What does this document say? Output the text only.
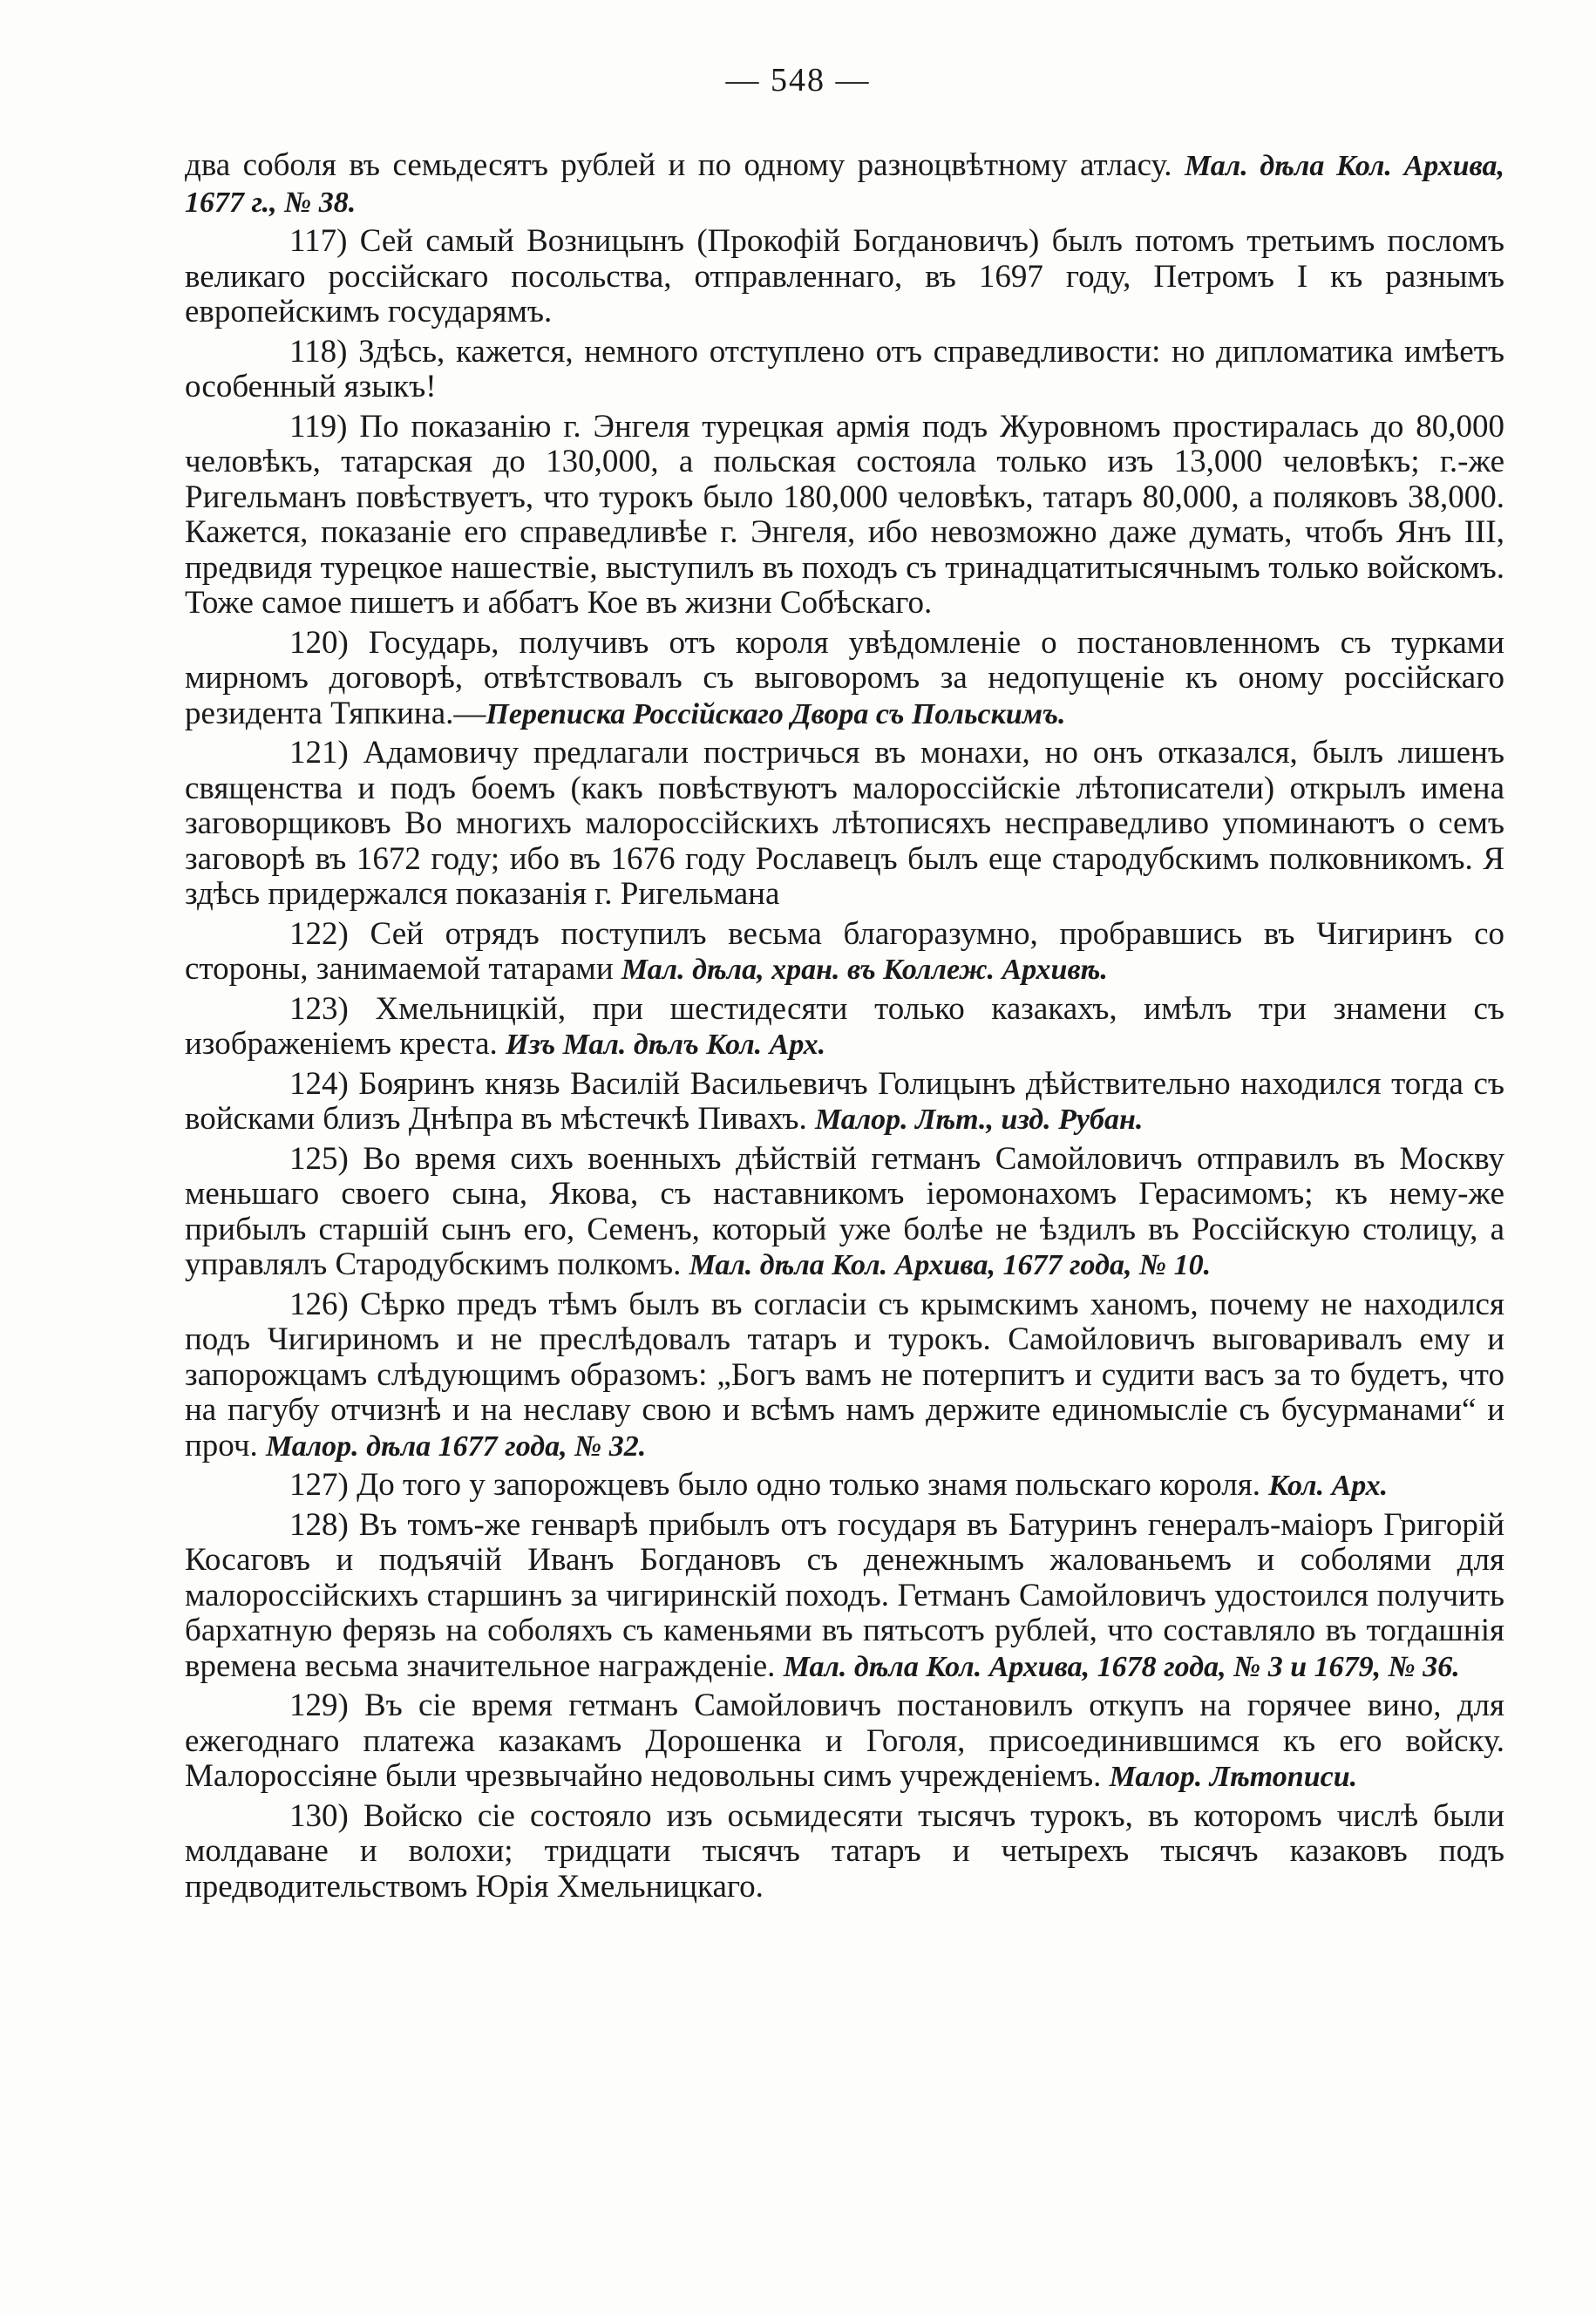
— 548 —

два соболя въ семьдесятъ рублей и по одному разноцвѣтному атласу. Мал. дѣла Кол. Архива, 1677 г., № 38.

117) Сей самый Возницынъ (Прокофій Богдановичъ) былъ потомъ третьимъ посломъ великаго россійскаго посольства, отправленнаго, въ 1697 году, Петромъ I къ разнымъ европейскимъ государямъ.

118) Здѣсь, кажется, немного отступлено отъ справедливости: но дипломатика имѣетъ особенный языкъ!

119) По показанію г. Энгеля турецкая армія подъ Журовномъ простиралась до 80,000 человѣкъ, татарская до 130,000, а польская состояла только изъ 13,000 человѣкъ; г.-же Ригельманъ повѣствуетъ, что турокъ было 180,000 человѣкъ, татаръ 80,000, а поляковъ 38,000. Кажется, показаніе его справедливѣе г. Энгеля, ибо невозможно даже думать, чтобъ Янъ III, предвидя турецкое нашествіе, выступилъ въ походъ съ тринадцатитысячнымъ только войскомъ. Тоже самое пишетъ и аббатъ Кое въ жизни Собѣскаго.

120) Государь, получивъ отъ короля увѣдомленіе о постановленномъ съ турками мирномъ договорѣ, отвѣтствовалъ съ выговоромъ за недопущеніе къ оному россійскаго резидента Тяпкина.—Переписка Россійскаго Двора съ Польскимъ.

121) Адамовичу предлагали постричься въ монахи, но онъ отказался, былъ лишенъ священства и подъ боемъ (какъ повѣствуютъ малороссійскіе лѣтописатели) открылъ имена заговорщиковъ Во многихъ малороссійскихъ лѣтописяхъ несправедливо упоминаютъ о семъ заговорѣ въ 1672 году; ибо въ 1676 году Рославецъ былъ еще стародубскимъ полковникомъ. Я здѣсь придержался показанія г. Ригельмана

122) Сей отрядъ поступилъ весьма благоразумно, пробравшись въ Чигиринъ со стороны, занимаемой татарами Мал. дѣла, хран. въ Коллеж. Архивѣ.

123) Хмельницкій, при шестидесяти только казакахъ, имѣлъ три знамени съ изображеніемъ креста. Изъ Мал. дѣлъ Кол. Арх.

124) Бояринъ князь Василій Васильевичъ Голицынъ дѣйствительно находился тогда съ войсками близъ Днѣпра въ мѣстечкѣ Пивахъ. Малор. Лѣт., изд. Рубан.

125) Во время сихъ военныхъ дѣйствій гетманъ Самойловичъ отправилъ въ Москву меньшаго своего сына, Якова, съ наставникомъ іеромонахомъ Герасимомъ; къ нему-же прибылъ старшій сынъ его, Семенъ, который уже болѣе не ѣздилъ въ Россійскую столицу, а управлялъ Стародубскимъ полкомъ. Мал. дѣла Кол. Архива, 1677 года, № 10.

126) Сѣрко предъ тѣмъ былъ въ согласіи съ крымскимъ ханомъ, почему не находился подъ Чигириномъ и не преслѣдовалъ татаръ и турокъ. Самойловичъ выговаривалъ ему и запорожцамъ слѣдующимъ образомъ: „Богъ вамъ не потерпитъ и судити васъ за то будетъ, что на пагубу отчизнѣ и на неславу свою и всѣмъ намъ держите единомысліе съ бусурманами“ и проч. Малор. дѣла 1677 года, № 32.

127) До того у запорожцевъ было одно только знамя польскаго короля. Кол. Арх.

128) Въ томъ-же генварѣ прибылъ отъ государя въ Батуринъ генералъ-маіоръ Григорій Косаговъ и подъячій Иванъ Богдановъ съ денежнымъ жалованьемъ и соболями для малороссійскихъ старшинъ за чигиринскій походъ. Гетманъ Самойловичъ удостоился получить бархатную ферязь на соболяхъ съ каменьями въ пятьсотъ рублей, что составляло въ тогдашнія времена весьма значительное награжденіе. Мал. дѣла Кол. Архива, 1678 года, № 3 и 1679, № 36.

129) Въ сіе время гетманъ Самойловичъ постановилъ откупъ на горячее вино, для ежегоднаго платежа казакамъ Дорошенка и Гоголя, присоединившимся къ его войску. Малороссіяне были чрезвычайно недовольны симъ учрежденіемъ. Малор. Лѣтописи.

130) Войско сіе состояло изъ осьмидесяти тысячъ турокъ, въ которомъ числѣ были молдаване и волохи; тридцати тысячъ татаръ и четырехъ тысячъ казаковъ подъ предводительствомъ Юрія Хмельницкаго.
